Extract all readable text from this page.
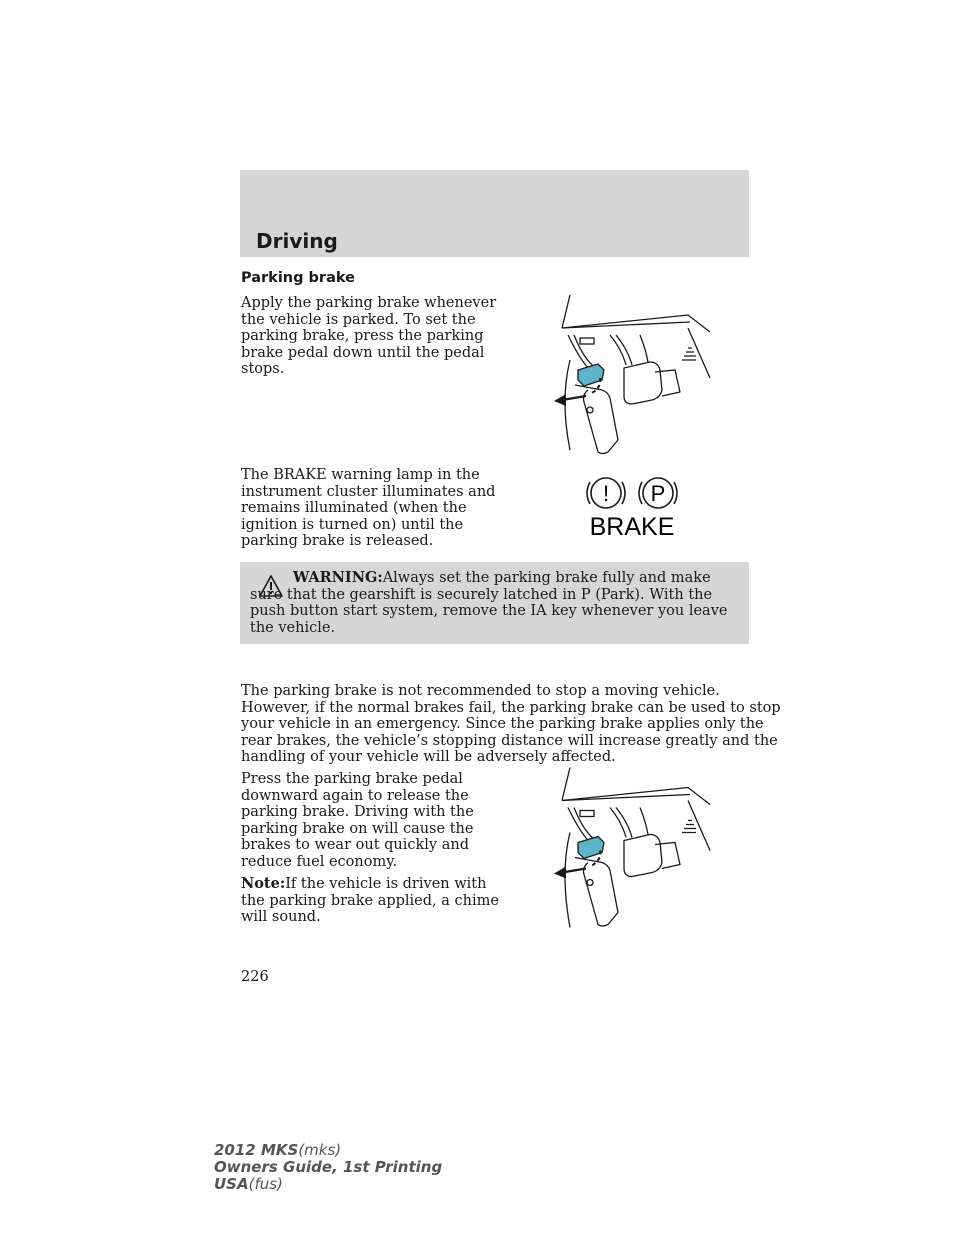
Driving
Parking brake
Apply the parking brake whenever
the vehicle is parked. To set the
parking brake, press the parking
brake pedal down until the pedal
stops.
The BRAKE warning lamp in the
instrument cluster illuminates and
remains illuminated (when the
ignition is turned on) until the
parking brake is released.
! P
BRAKE
WARNING:Always set the parking brake fully and make sure that the gearshift is securely latched in P (Park). With the push button start system, remove the IA key whenever you leave the vehicle.
The parking brake is not recommended to stop a moving vehicle.
However, if the normal brakes fail, the parking brake can be used to stop
your vehicle in an emergency. Since the parking brake applies only the
rear brakes, the vehicle’s stopping distance will increase greatly and the
handling of your vehicle will be adversely affected.
Press the parking brake pedal
downward again to release the
parking brake. Driving with the
parking brake on will cause the
brakes to wear out quickly and
reduce fuel economy.
Note:If the vehicle is driven with
the parking brake applied, a chime
will sound.
226
2012 MKS(mks)
Owners Guide, 1st Printing
USA(fus)
